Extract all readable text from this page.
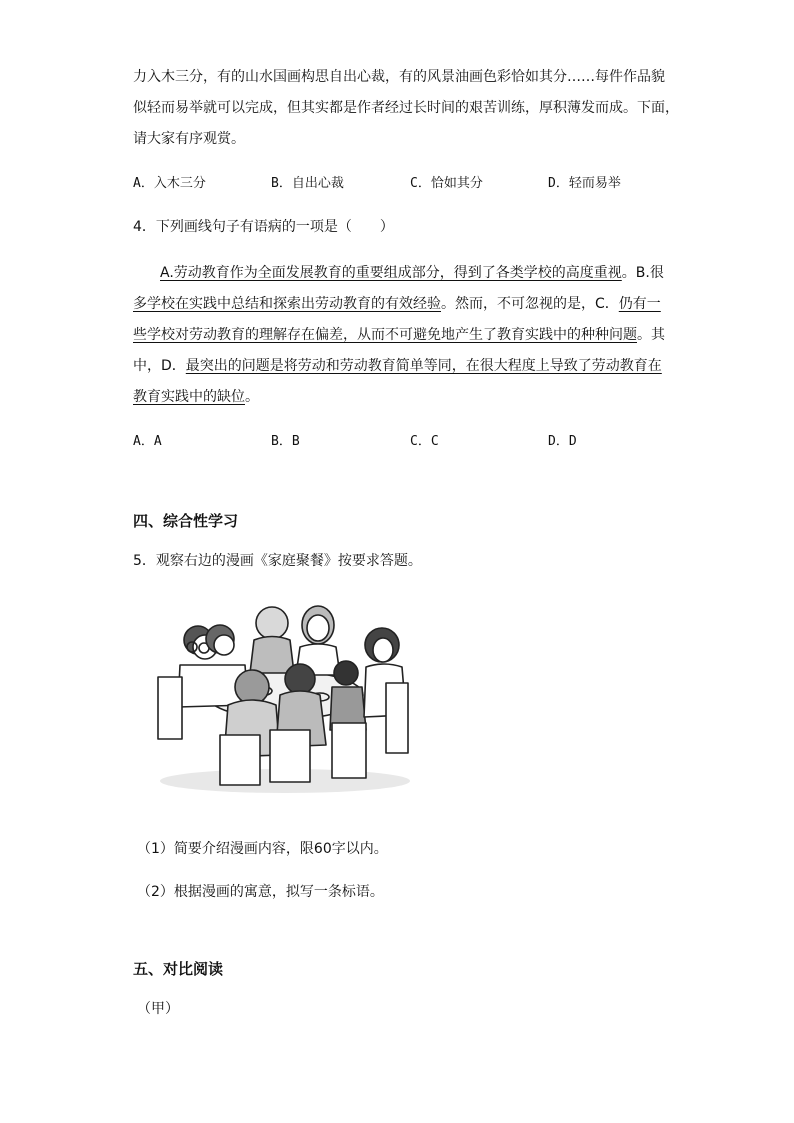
力入木三分，有的山水国画构思自出心裁，有的风景油画色彩恰如其分……每件作品貌
似轻而易举就可以完成，但其实都是作者经过长时间的艰苦训练，厚积薄发而成。下面，
请大家有序观赏。
A．入木三分	B．自出心裁	C．恰如其分	D．轻而易举
4．下列画线句子有语病的一项是（　　）
A.劳动教育作为全面发展教育的重要组成部分，得到了各类学校的高度重视。B.很
多学校在实践中总结和探索出劳动教育的有效经验。然而，不可忽视的是，C．仍有一
些学校对劳动教育的理解存在偏差，从而不可避免地产生了教育实践中的种种问题。其
中，D．最突出的问题是将劳动和劳动教育简单等同，在很大程度上导致了劳动教育在
教育实践中的缺位。
A．A	B．B	C．C	D．D
四、综合性学习
5．观察右边的漫画《家庭聚餐》按要求答题。
（1）简要介绍漫画内容，限60字以内。
（2）根据漫画的寓意，拟写一条标语。
五、对比阅读
（甲）
